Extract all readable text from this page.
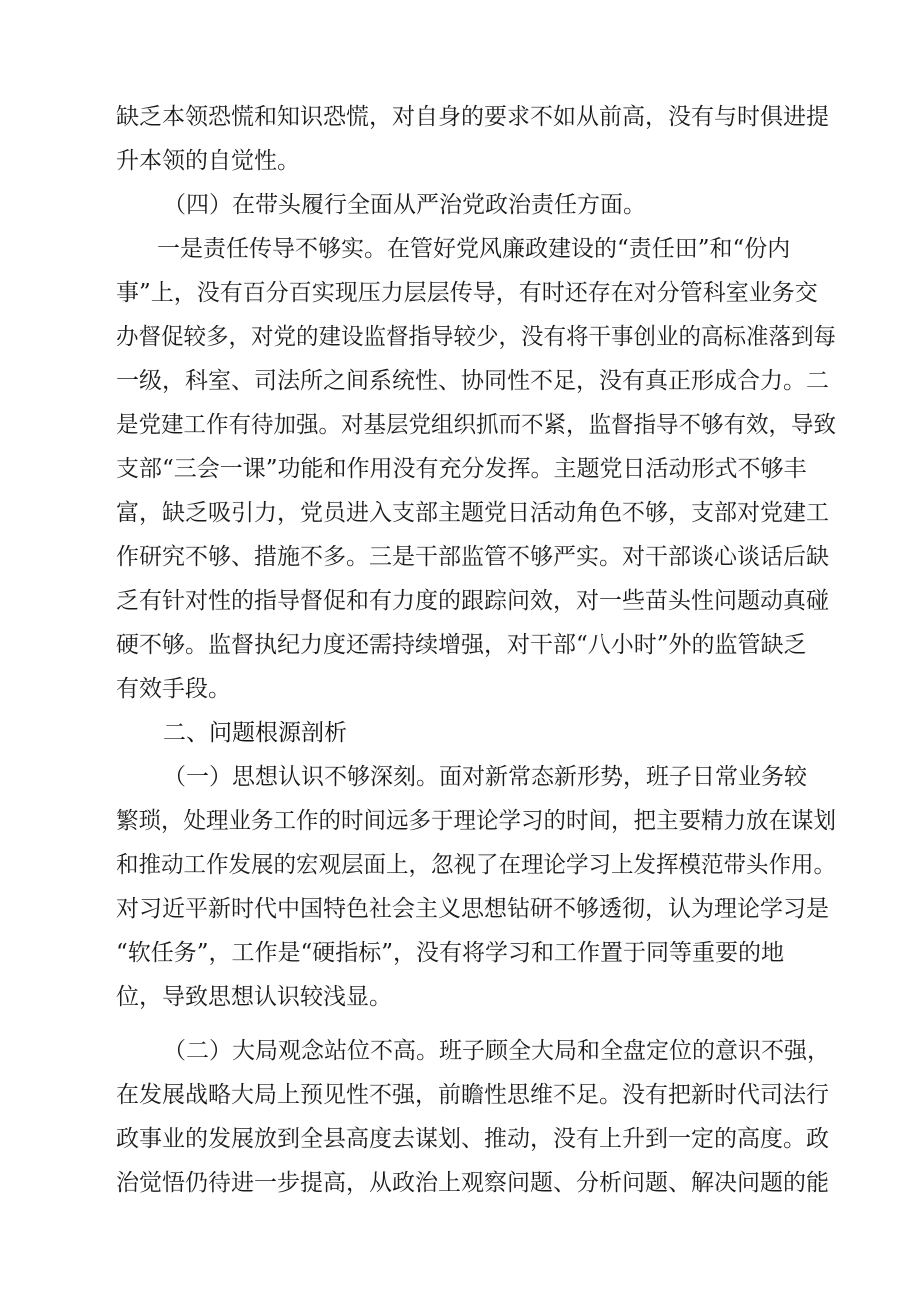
缺乏本领恐慌和知识恐慌，对自身的要求不如从前高，没有与时俱进提
升本领的自觉性。
（四）在带头履行全面从严治党政治责任方面。
一是责任传导不够实。在管好党风廉政建设的“责任田”和“份内
事”上，没有百分百实现压力层层传导，有时还存在对分管科室业务交
办督促较多，对党的建设监督指导较少，没有将干事创业的高标准落到每
一级，科室、司法所之间系统性、协同性不足，没有真正形成合力。二
是党建工作有待加强。对基层党组织抓而不紧，监督指导不够有效，导致
支部“三会一课”功能和作用没有充分发挥。主题党日活动形式不够丰
富，缺乏吸引力，党员进入支部主题党日活动角色不够，支部对党建工
作研究不够、措施不多。三是干部监管不够严实。对干部谈心谈话后缺
乏有针对性的指导督促和有力度的跟踪问效，对一些苗头性问题动真碰
硬不够。监督执纪力度还需持续增强，对干部“八小时”外的监管缺乏
有效手段。
二、问题根源剖析
（一）思想认识不够深刻。面对新常态新形势，班子日常业务较
繁琐，处理业务工作的时间远多于理论学习的时间，把主要精力放在谋划
和推动工作发展的宏观层面上，忽视了在理论学习上发挥模范带头作用。
对习近平新时代中国特色社会主义思想钻研不够透彻，认为理论学习是
“软任务”，工作是“硬指标”，没有将学习和工作置于同等重要的地
位，导致思想认识较浅显。
（二）大局观念站位不高。班子顾全大局和全盘定位的意识不强，
在发展战略大局上预见性不强，前瞻性思维不足。没有把新时代司法行
政事业的发展放到全县高度去谋划、推动，没有上升到一定的高度。政
治觉悟仍待进一步提高，从政治上观察问题、分析问题、解决问题的能
